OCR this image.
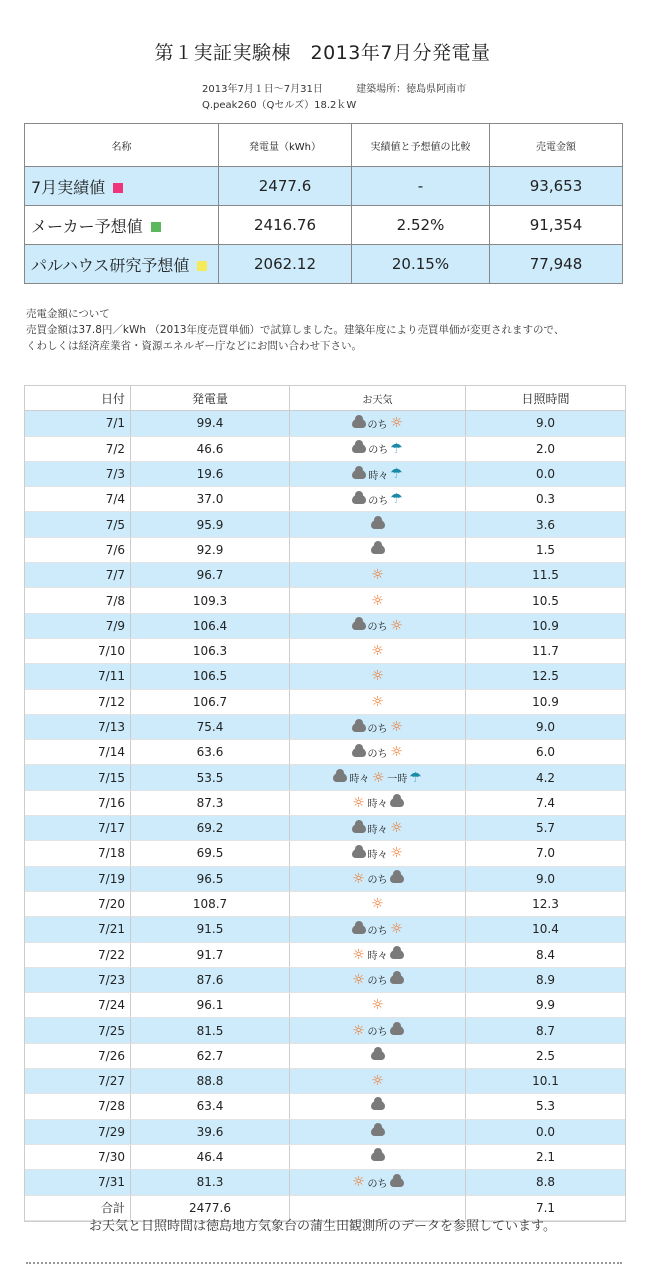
第１実証実験棟　2013年7月分発電量
2013年7月１日〜7月31日	建築場所：徳島県阿南市
Q.peak260（Qセルズ）18.2ｋW
名称	発電量（kWh）	実績値と予想値の比較	売電金額
7月実績値	2477.6	-	93,653
メーカー予想値	2416.76	2.52%	91,354
パルハウス研究予想値	2062.12	20.15%	77,948
売電金額について
売買金額は37.8円／kWh （2013年度売買単価）で試算しました。建築年度により売買単価が変更されますので、
くわしくは経済産業省・資源エネルギー庁などにお問い合わせ下さい。
日付	発電量	お天気	日照時間
7/1	99.4	のち ☼	9.0
7/2	46.6	のち ☂	2.0
7/3	19.6	時々 ☂	0.0
7/4	37.0	のち ☂	0.3
7/5	95.9		3.6
7/6	92.9		1.5
7/7	96.7	☼	11.5
7/8	109.3	☼	10.5
7/9	106.4	のち ☼	10.9
7/10	106.3	☼	11.7
7/11	106.5	☼	12.5
7/12	106.7	☼	10.9
7/13	75.4	のち ☼	9.0
7/14	63.6	のち ☼	6.0
7/15	53.5	時々 ☼ 一時 ☂	4.2
7/16	87.3	☼ 時々	7.4
7/17	69.2	時々 ☼	5.7
7/18	69.5	時々 ☼	7.0
7/19	96.5	☼ のち	9.0
7/20	108.7	☼	12.3
7/21	91.5	のち ☼	10.4
7/22	91.7	☼ 時々	8.4
7/23	87.6	☼ のち	8.9
7/24	96.1	☼	9.9
7/25	81.5	☼ のち	8.7
7/26	62.7		2.5
7/27	88.8	☼	10.1
7/28	63.4		5.3
7/29	39.6		0.0
7/30	46.4		2.1
7/31	81.3	☼ のち	8.8
合計	2477.6		7.1
お天気と日照時間は徳島地方気象台の蒲生田観測所のデータを参照しています。
